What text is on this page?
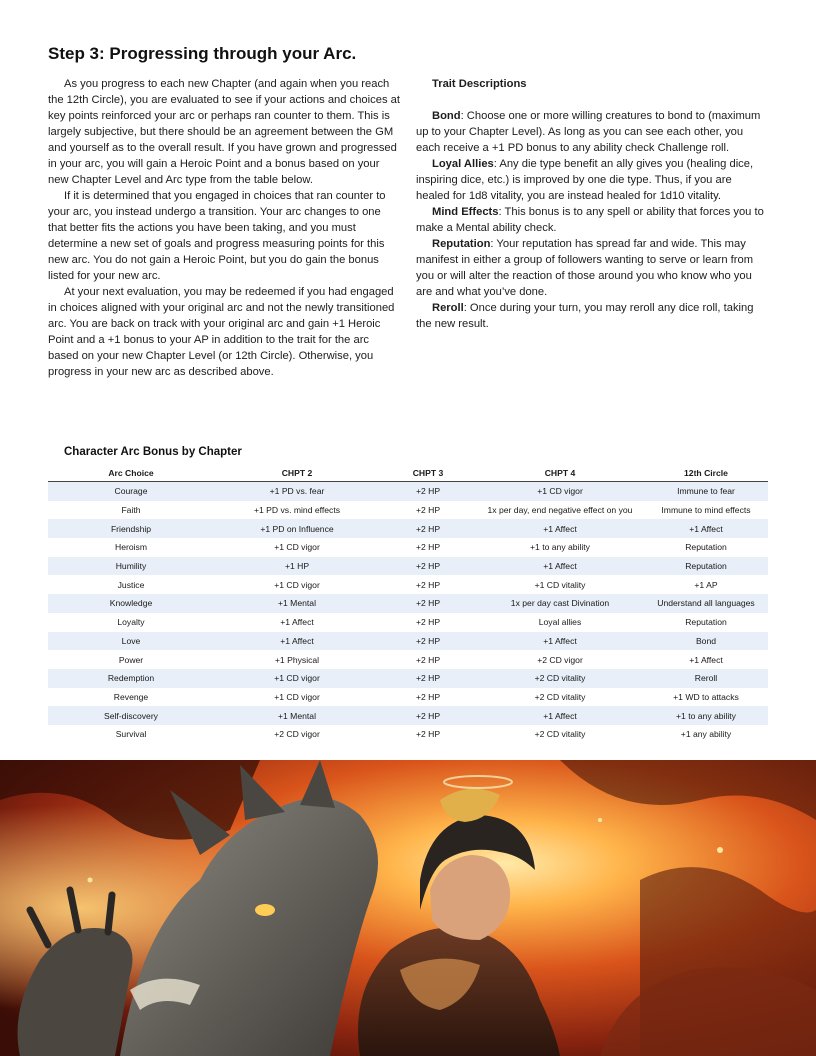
Step 3: Progressing through your Arc.

As you progress to each new Chapter (and again when you reach the 12th Circle), you are evaluated to see if your actions and choices at key points reinforced your arc or perhaps ran counter to them. This is largely subjective, but there should be an agreement between the GM and yourself as to the overall result. If you have grown and progressed in your arc, you will gain a Heroic Point and a bonus based on your new Chapter Level and Arc type from the table below.

If it is determined that you engaged in choices that ran counter to your arc, you instead undergo a transition. Your arc changes to one that better fits the actions you have been taking, and you must determine a new set of goals and progress measuring points for this new arc. You do not gain a Heroic Point, but you do gain the bonus listed for your new arc.

At your next evaluation, you may be redeemed if you had engaged in choices aligned with your original arc and not the newly transitioned arc. You are back on track with your original arc and gain +1 Heroic Point and a +1 bonus to your AP in addition to the trait for the arc based on your new Chapter Level (or 12th Circle). Otherwise, you progress in your new arc as described above.

Trait Descriptions

Bond: Choose one or more willing creatures to bond to (maximum up to your Chapter Level). As long as you can see each other, you each receive a +1 PD bonus to any ability check Challenge roll.

Loyal Allies: Any die type benefit an ally gives you (healing dice, inspiring dice, etc.) is improved by one die type. Thus, if you are healed for 1d8 vitality, you are instead healed for 1d10 vitality.

Mind Effects: This bonus is to any spell or ability that forces you to make a Mental ability check.

Reputation: Your reputation has spread far and wide. This may manifest in either a group of followers wanting to serve or learn from you or will alter the reaction of those around you who know who you are and what you’ve done.

Reroll: Once during your turn, you may reroll any dice roll, taking the new result.

Character Arc Bonus by Chapter
Arc Choice	CHPT 2	CHPT 3	CHPT 4	12th Circle
Courage	+1 PD vs. fear	+2 HP	+1 CD vigor	Immune to fear
Faith	+1 PD vs. mind effects	+2 HP	1x per day, end negative effect on you	Immune to mind effects
Friendship	+1 PD on Influence	+2 HP	+1 Affect	+1 Affect
Heroism	+1 CD vigor	+2 HP	+1 to any ability	Reputation
Humility	+1 HP	+2 HP	+1 Affect	Reputation
Justice	+1 CD vigor	+2 HP	+1 CD vitality	+1 AP
Knowledge	+1 Mental	+2 HP	1x per day cast Divination	Understand all languages
Loyalty	+1 Affect	+2 HP	Loyal allies	Reputation
Love	+1 Affect	+2 HP	+1 Affect	Bond
Power	+1 Physical	+2 HP	+2 CD vigor	+1 Affect
Redemption	+1 CD vigor	+2 HP	+2 CD vitality	Reroll
Revenge	+1 CD vigor	+2 HP	+2 CD vitality	+1 WD to attacks
Self-discovery	+1 Mental	+2 HP	+1 Affect	+1 to any ability
Survival	+2 CD vigor	+2 HP	+2 CD vitality	+1 any ability
